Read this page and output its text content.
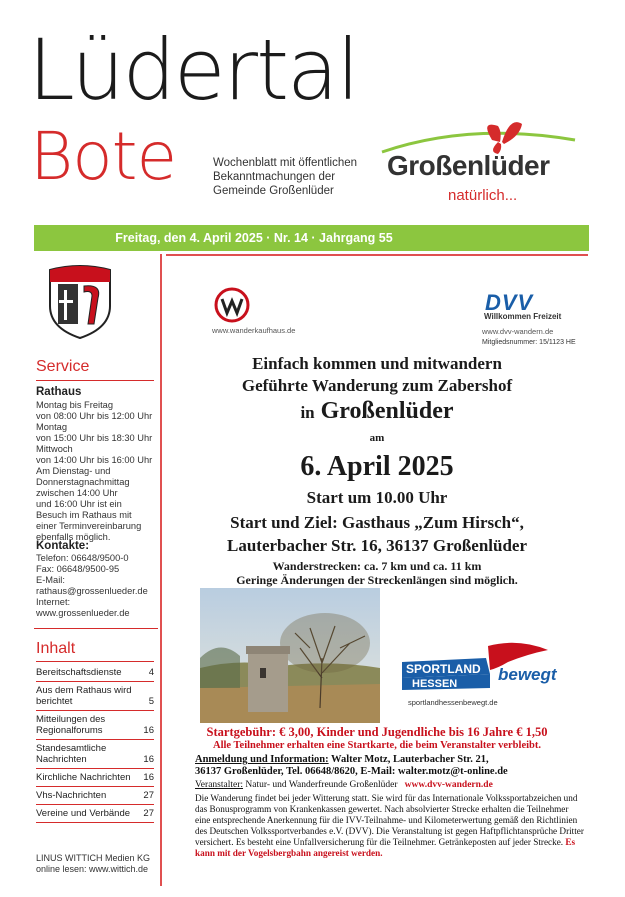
Lüdertal
Bote	Wochenblatt mit öffentlichen Bekanntmachungen der Gemeinde Großenlüder
Großenlüder
natürlich...
Freitag, den 4. April 2025 · Nr. 14 · Jahrgang 55
Service
Rathaus
Montag bis Freitag
von 08:00 Uhr bis 12:00 Uhr
Montag
von 15:00 Uhr bis 18:30 Uhr
Mittwoch
von 14:00 Uhr bis 16:00 Uhr
Am Dienstag- und
Donnerstagnachmittag
zwischen 14:00 Uhr
und 16:00 Uhr ist ein
Besuch im Rathaus mit
einer Terminvereinbarung
ebenfalls möglich.
Kontakte:
Telefon: 06648/9500-0
Fax: 06648/9500-95
E-Mail:
rathaus@grossenlueder.de
Internet:
www.grossenlueder.de
Inhalt
Bereitschaftsdienste	4
Aus dem Rathaus wird berichtet	5
Mitteilungen des Regionalforums	16
Standesamtliche Nachrichten	16
Kirchliche Nachrichten	16
Vhs-Nachrichten	27
Vereine und Verbände	27
LINUS WITTICH Medien KG
online lesen: www.wittich.de
www.wanderkaufhaus.de
DVV
Willkommen Freizeit
www.dvv-wandern.de
Mitgliedsnummer: 15/1123 HE
Einfach kommen und mitwandern
Geführte Wanderung zum Zabershof
in Großenlüder
am
6. April 2025
Start um 10.00 Uhr
Start und Ziel: Gasthaus „Zum Hirsch“,
Lauterbacher Str. 16, 36137 Großenlüder
Wanderstrecken: ca. 7 km und ca. 11 km
Geringe Änderungen der Streckenlängen sind möglich.
SPORTLAND
HESSEN bewegt
sportlandhessenbewegt.de
Startgebühr: € 3,00, Kinder und Jugendliche bis 16 Jahre € 1,50
Alle Teilnehmer erhalten eine Startkarte, die beim Veranstalter verbleibt.
Anmeldung und Information: Walter Motz, Lauterbacher Str. 21,
36137 Großenlüder, Tel. 06648/8620, E-Mail: walter.motz@t-online.de
Veranstalter: Natur- und Wanderfreunde Großenlüder www.dvv-wandern.de
Die Wanderung findet bei jeder Witterung statt. Sie wird für das Internationale Volkssportabzeichen und das Bonusprogramm von Krankenkassen gewertet. Nach absolvierter Strecke erhalten die Teilnehmer eine entsprechende Anerkennung für die IVV-Teilnahme- und Kilometerwertung gemäß den Richtlinien des Deutschen Volkssportverbandes e.V. (DVV). Die Veranstaltung ist gegen Haftpflichtansprüche Dritter versichert. Es besteht eine Unfallversicherung für die Teilnehmer. Getränkeposten auf jeder Strecke. Es kann mit der Vogelsbergbahn angereist werden.
